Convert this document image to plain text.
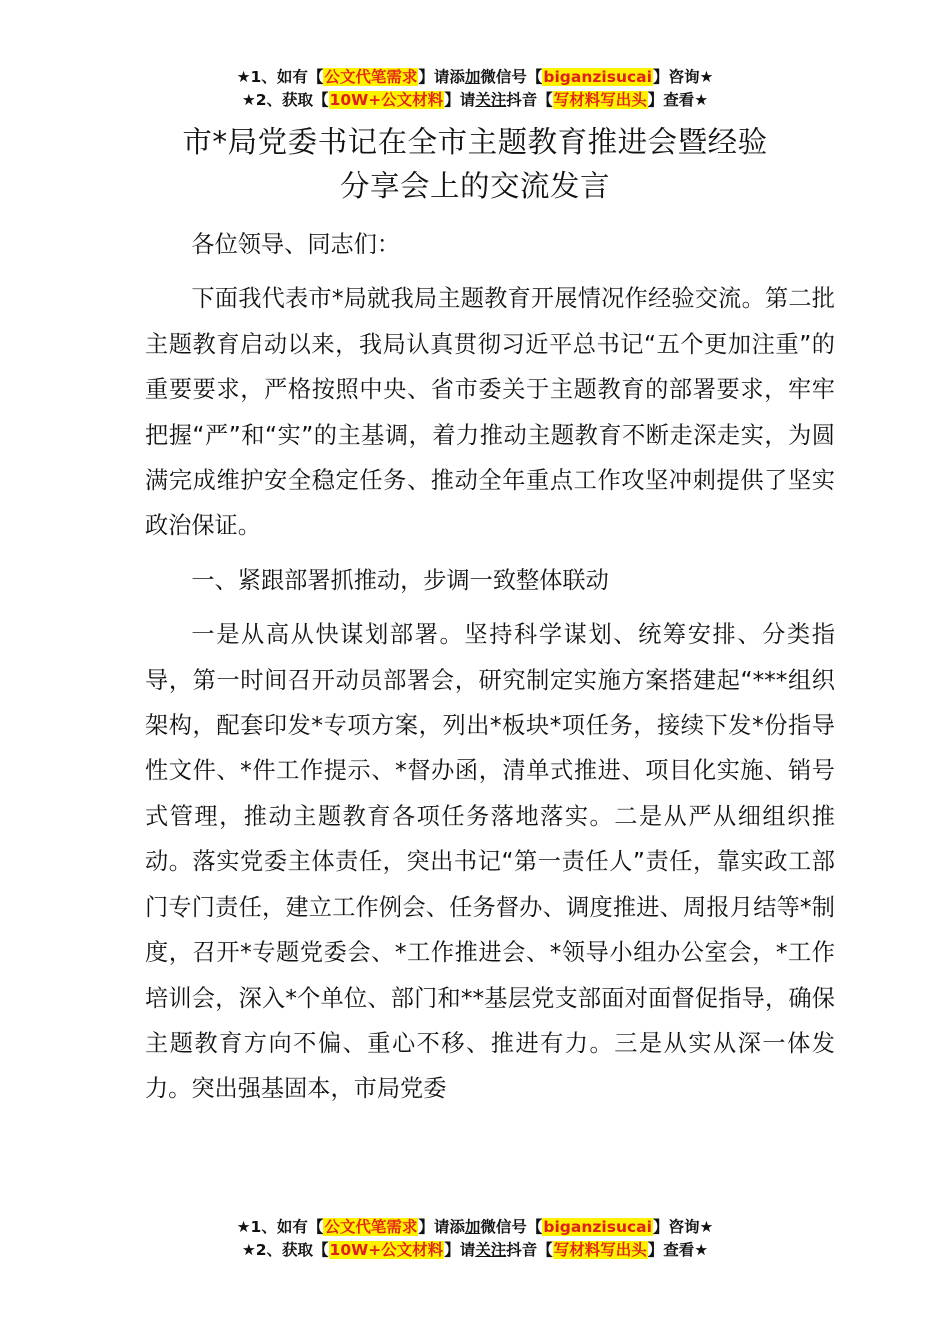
★1、如有【公文代笔需求】请添加微信号【biganzisucai】咨询★
★2、获取【10W+公文材料】请关注抖音【写材料写出头】查看★
市*局党委书记在全市主题教育推进会暨经验
分享会上的交流发言

各位领导、同志们：

下面我代表市*局就我局主题教育开展情况作经验交流。第二批主题教育启动以来，我局认真贯彻习近平总书记“五个更加注重”的重要要求，严格按照中央、省市委关于主题教育的部署要求，牢牢把握“严”和“实”的主基调，着力推动主题教育不断走深走实，为圆满完成维护安全稳定任务、推动全年重点工作攻坚冲刺提供了坚实政治保证。

一、紧跟部署抓推动，步调一致整体联动

一是从高从快谋划部署。坚持科学谋划、统筹安排、分类指导，第一时间召开动员部署会，研究制定实施方案搭建起“***组织架构，配套印发*专项方案，列出*板块*项任务，接续下发*份指导性文件、*件工作提示、*督办函，清单式推进、项目化实施、销号式管理，推动主题教育各项任务落地落实。二是从严从细组织推动。落实党委主体责任，突出书记“第一责任人”责任，靠实政工部门专门责任，建立工作例会、任务督办、调度推进、周报月结等*制度，召开*专题党委会、*工作推进会、*领导小组办公室会，*工作培训会，深入*个单位、部门和**基层党支部面对面督促指导，确保主题教育方向不偏、重心不移、推进有力。三是从实从深一体发力。突出强基固本，市局党委

★1、如有【公文代笔需求】请添加微信号【biganzisucai】咨询★
★2、获取【10W+公文材料】请关注抖音【写材料写出头】查看★
